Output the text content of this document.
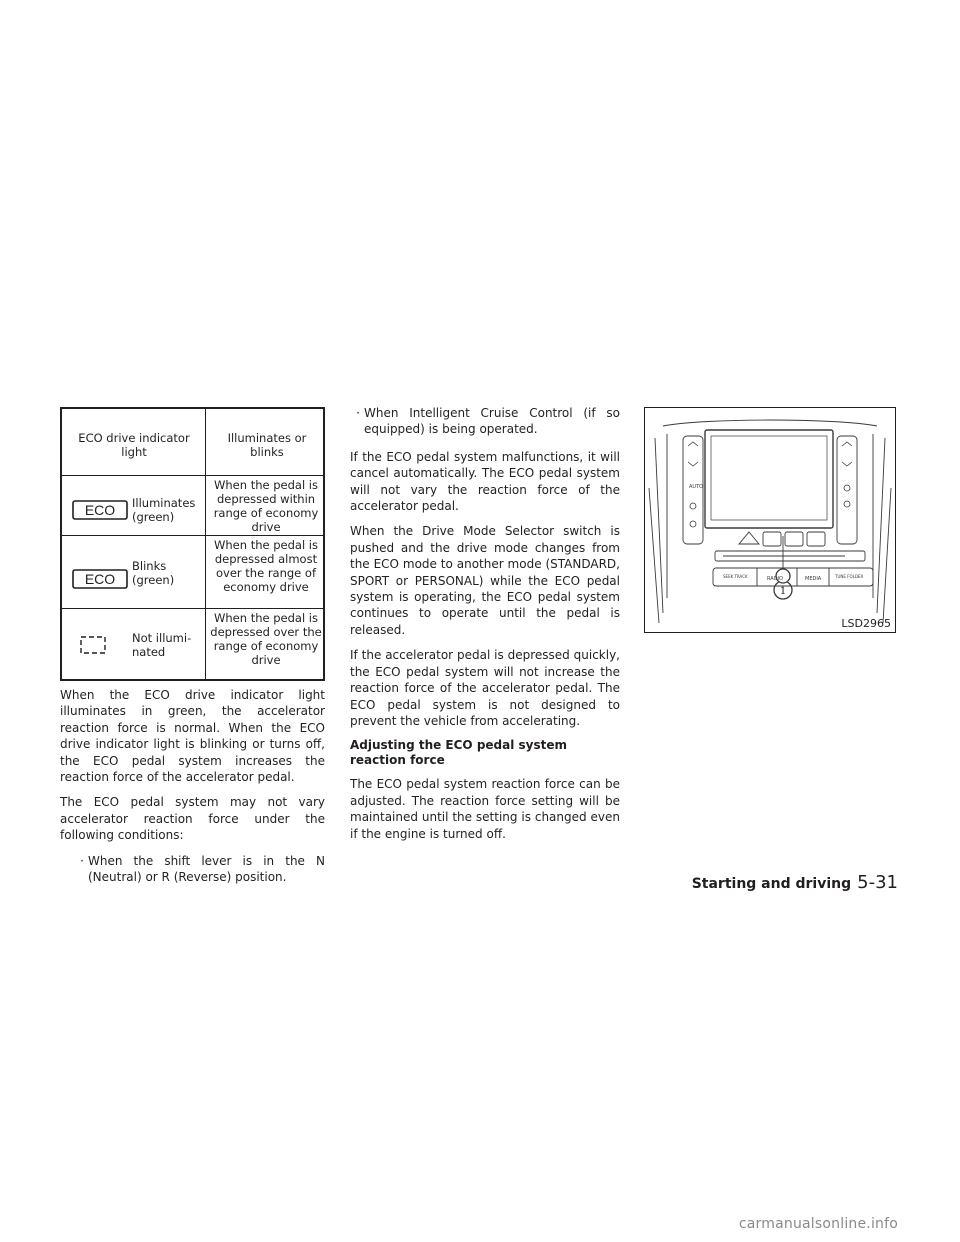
ECO drive indicator light
Illuminates or blinks
ECO Illuminates (green)
When the pedal is depressed within range of economy drive
ECO
Blinks (green)
When the pedal is depressed almost over the range of economy drive
Not illumi-nated
When the pedal is depressed over the range of economy drive

When the ECO drive indicator light illuminates in green, the accelerator reaction force is normal. When the ECO drive indicator light is blinking or turns off, the ECO pedal system increases the reaction force of the accelerator pedal.

The ECO pedal system may not vary accelerator reaction force under the following conditions:

· When the shift lever is in the N (Neutral) or R (Reverse) position.
· When Intelligent Cruise Control (if so equipped) is being operated.

If the ECO pedal system malfunctions, it will cancel automatically. The ECO pedal system will not vary the reaction force of the accelerator pedal.

When the Drive Mode Selector switch is pushed and the drive mode changes from the ECO mode to another mode (STANDARD, SPORT or PERSONAL) while the ECO pedal system is operating, the ECO pedal system continues to operate until the pedal is released.

If the accelerator pedal is depressed quickly, the ECO pedal system will not increase the reaction force of the accelerator pedal. The ECO pedal system is not designed to prevent the vehicle from accelerating.

Adjusting the ECO pedal system reaction force

The ECO pedal system reaction force can be adjusted. The reaction force setting will be maintained until the setting is changed even if the engine is turned off.

AUTO
RADIO	MEDIA
SEEK TRACK	TUNE FOLDER
1
LSD2965
Starting and driving 5-31
carmanualsonline.info
